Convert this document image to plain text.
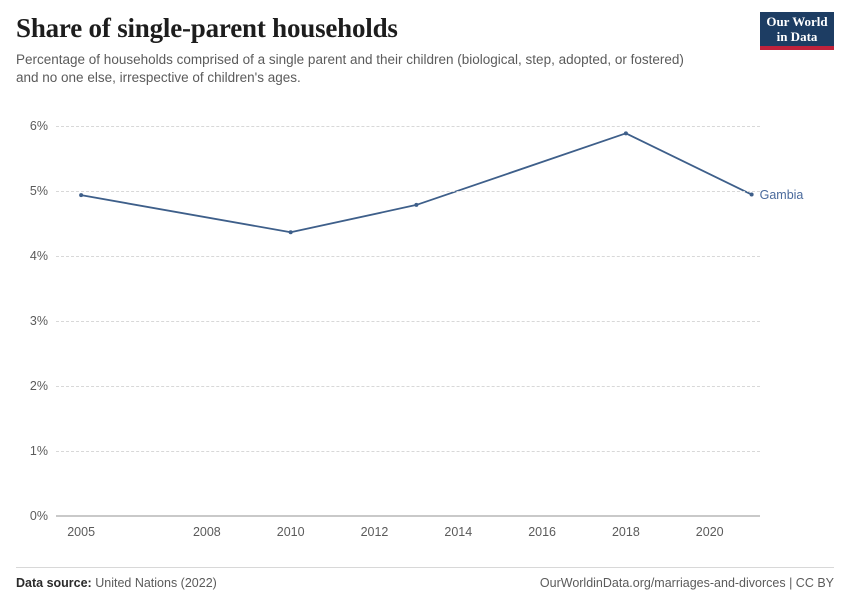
Share of single-parent households

Percentage of households comprised of a single parent and their children (biological, step, adopted, or fostered) and no one else, irrespective of children's ages.

Our World
in Data
0%
1%
2%
3%
4%
5%
6%
2005	2008	2010	2012	2014	2016	2018	2020
Gambia
Data source: United Nations (2022)	OurWorldinData.org/marriages-and-divorces | CC BY
